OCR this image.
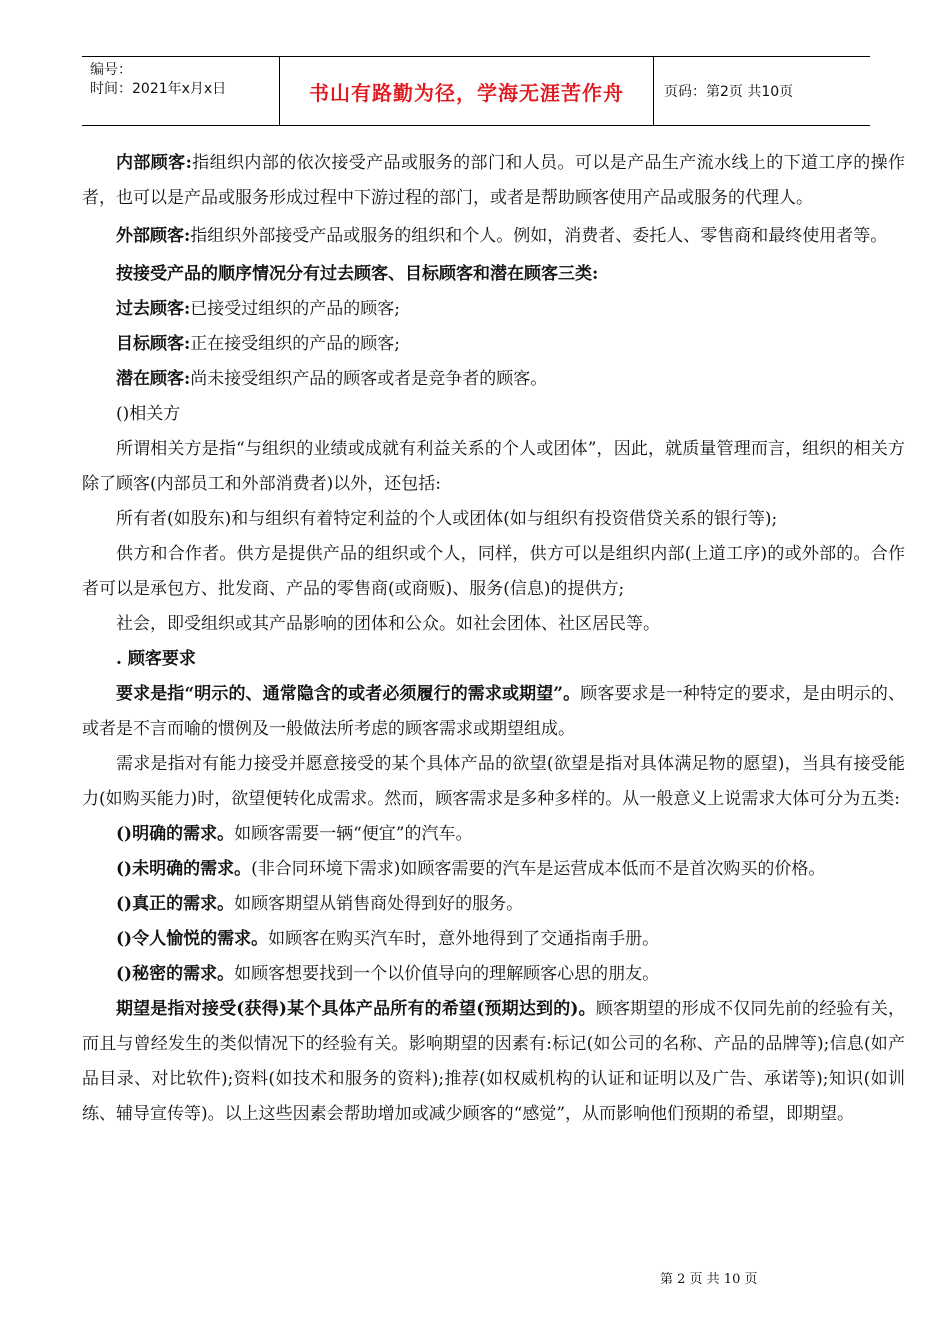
编号：
时间：2021年x月x日	书山有路勤为径，学海无涯苦作舟	页码：第2页 共10页

内部顾客:指组织内部的依次接受产品或服务的部门和人员。可以是产品生产流水线上的下道工序的操作者，也可以是产品或服务形成过程中下游过程的部门，或者是帮助顾客使用产品或服务的代理人。

外部顾客:指组织外部接受产品或服务的组织和个人。例如，消费者、委托人、零售商和最终使用者等。

按接受产品的顺序情况分有过去顾客、目标顾客和潜在顾客三类:

过去顾客:已接受过组织的产品的顾客;

目标顾客:正在接受组织的产品的顾客;

潜在顾客:尚未接受组织产品的顾客或者是竞争者的顾客。

()相关方

所谓相关方是指“与组织的业绩或成就有利益关系的个人或团体”，因此，就质量管理而言，组织的相关方除了顾客(内部员工和外部消费者)以外，还包括:

所有者(如股东)和与组织有着特定利益的个人或团体(如与组织有投资借贷关系的银行等);

供方和合作者。供方是提供产品的组织或个人，同样，供方可以是组织内部(上道工序)的或外部的。合作者可以是承包方、批发商、产品的零售商(或商贩)、服务(信息)的提供方;

社会，即受组织或其产品影响的团体和公众。如社会团体、社区居民等。

. 顾客要求

要求是指“明示的、通常隐含的或者必须履行的需求或期望”。顾客要求是一种特定的要求，是由明示的、或者是不言而喻的惯例及一般做法所考虑的顾客需求或期望组成。

需求是指对有能力接受并愿意接受的某个具体产品的欲望(欲望是指对具体满足物的愿望)，当具有接受能力(如购买能力)时，欲望便转化成需求。然而，顾客需求是多种多样的。从一般意义上说需求大体可分为五类:

()明确的需求。如顾客需要一辆“便宜”的汽车。

()未明确的需求。(非合同环境下需求)如顾客需要的汽车是运营成本低而不是首次购买的价格。

()真正的需求。如顾客期望从销售商处得到好的服务。

()令人愉悦的需求。如顾客在购买汽车时，意外地得到了交通指南手册。

()秘密的需求。如顾客想要找到一个以价值导向的理解顾客心思的朋友。

期望是指对接受(获得)某个具体产品所有的希望(预期达到的)。顾客期望的形成不仅同先前的经验有关，而且与曾经发生的类似情况下的经验有关。影响期望的因素有:标记(如公司的名称、产品的品牌等);信息(如产品目录、对比软件);资料(如技术和服务的资料);推荐(如权威机构的认证和证明以及广告、承诺等);知识(如训练、辅导宣传等)。以上这些因素会帮助增加或减少顾客的“感觉”，从而影响他们预期的希望，即期望。

第 2 页 共 10 页
